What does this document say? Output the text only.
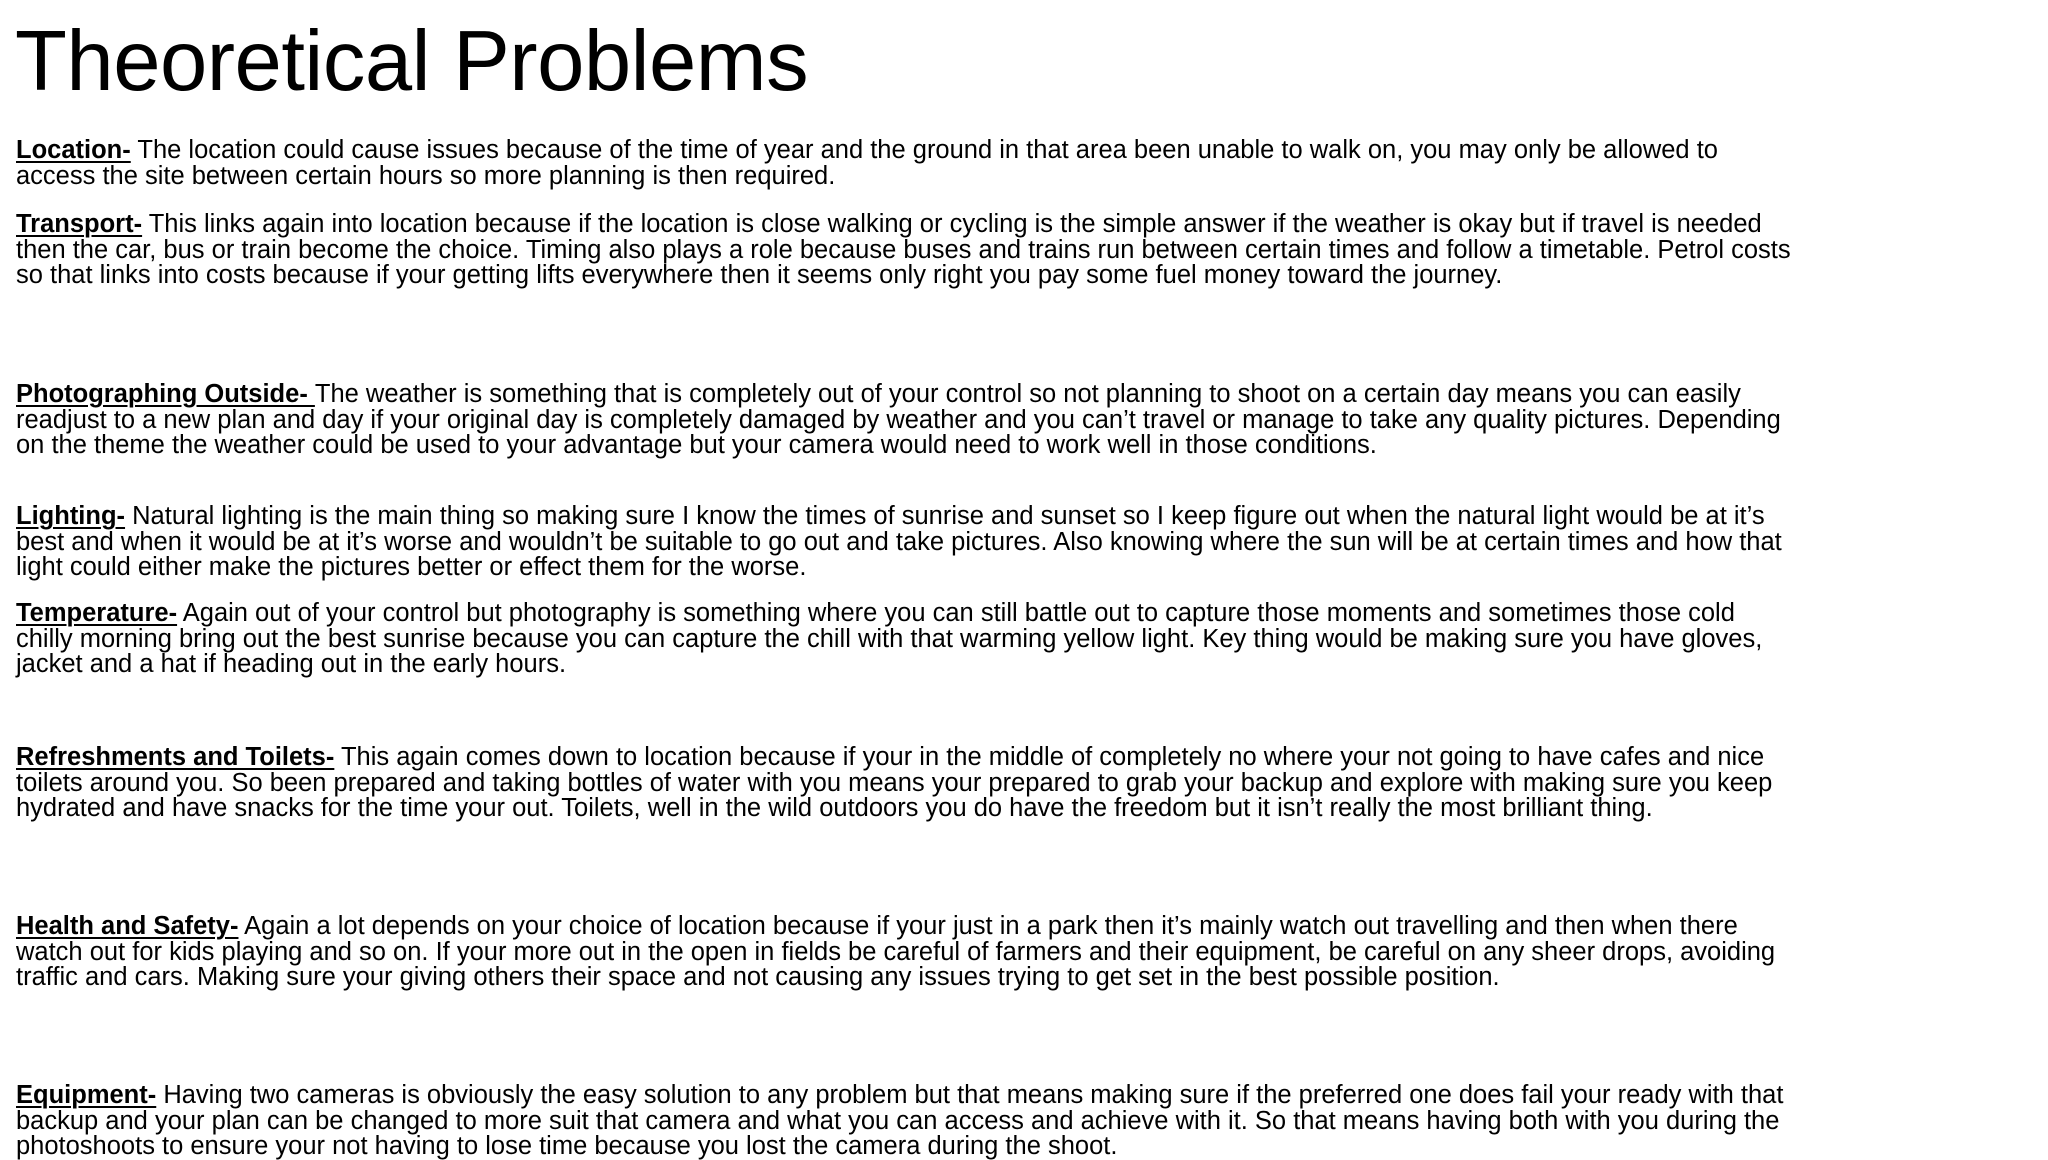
Theoretical Problems

Location- The location could cause issues because of the time of year and the ground in that area been unable to walk on, you may only be allowed to access the site between certain hours so more planning is then required.

Transport- This links again into location because if the location is close walking or cycling is the simple answer if the weather is okay but if travel is needed then the car, bus or train become the choice. Timing also plays a role because buses and trains run between certain times and follow a timetable. Petrol costs so that links into costs because if your getting lifts everywhere then it seems only right you pay some fuel money toward the journey.

Photographing Outside- The weather is something that is completely out of your control so not planning to shoot on a certain day means you can easily readjust to a new plan and day if your original day is completely damaged by weather and you can’t travel or manage to take any quality pictures. Depending on the theme the weather could be used to your advantage but your camera would need to work well in those conditions.

Lighting- Natural lighting is the main thing so making sure I know the times of sunrise and sunset so I keep figure out when the natural light would be at it’s best and when it would be at it’s worse and wouldn’t be suitable to go out and take pictures. Also knowing where the sun will be at certain times and how that light could either make the pictures better or effect them for the worse.

Temperature- Again out of your control but photography is something where you can still battle out to capture those moments and sometimes those cold chilly morning bring out the best sunrise because you can capture the chill with that warming yellow light. Key thing would be making sure you have gloves, jacket and a hat if heading out in the early hours.

Refreshments and Toilets- This again comes down to location because if your in the middle of completely no where your not going to have cafes and nice toilets around you. So been prepared and taking bottles of water with you means your prepared to grab your backup and explore with making sure you keep hydrated and have snacks for the time your out. Toilets, well in the wild outdoors you do have the freedom but it isn’t really the most brilliant thing.

Health and Safety- Again a lot depends on your choice of location because if your just in a park then it’s mainly watch out travelling and then when there watch out for kids playing and so on. If your more out in the open in fields be careful of farmers and their equipment, be careful on any sheer drops, avoiding traffic and cars. Making sure your giving others their space and not causing any issues trying to get set in the best possible position.

Equipment- Having two cameras is obviously the easy solution to any problem but that means making sure if the preferred one does fail your ready with that backup and your plan can be changed to more suit that camera and what you can access and achieve with it. So that means having both with you during the photoshoots to ensure your not having to lose time because you lost the camera during the shoot.
